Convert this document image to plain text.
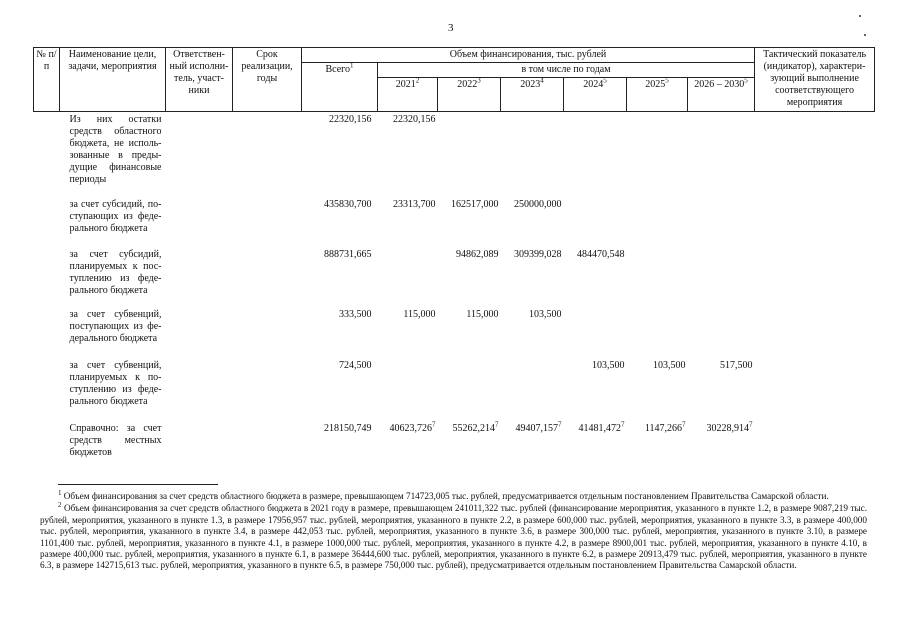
3
№ п/п	Наименование цели, задачи, мероприятия	Ответствен-ный исполни-тель, участ-ники	Срок реализации, годы	Объем финансирования, тыс. рублей							Тактический показатель (индикатор), характери-зующий выполнение соответствующего мероприятия
				Всего$^1$	в том числе по годам						
					2021$^2$	2022$^3$	2023$^4$	2024$^5$	2025$^5$	2026 – 2030$^5$
	Из них остатки средств областного бюджета, не исполь-зованные в преды-дущие финансовые периоды			22320,156	22320,156						
	за счет субсидий, по-ступающих из феде-рального бюджета			435830,700	23313,700	162517,000	250000,000				
	за счет субсидий, планируемых к пос-туплению из феде-рального бюджета			888731,665		94862,089	309399,028	484470,548			
	за счет субвенций, поступающих из фе-дерального бюджета			333,500	115,000	115,000	103,500				
	за счет субвенций, планируемых к по-ступлению из феде-рального бюджета			724,500				103,500	103,500	517,500	
	Справочно: за счет средств местных бюджетов			218150,749	40623,726$^7$	55262,214$^7$	49407,157$^7$	41481,472$^7$	1147,266$^7$	30228,914$^7$	

$^1$ Объем финансирования за счет средств областного бюджета в размере, превышающем 714723,005 тыс. рублей, предусматривается отдельным постановлением Правительства Самарской области.

$^2$ Объем финансирования за счет средств областного бюджета в 2021 году в размере, превышающем 241011,322 тыс. рублей (финансирование мероприятия, указанного в пункте 1.2, в размере 9087,219 тыс. рублей, мероприятия, указанного в пункте 1.3, в размере 17956,957 тыс. рублей, мероприятия, указанного в пункте 2.2, в размере 600,000 тыс. рублей, мероприятия, указанного в пункте 3.3, в размере 400,000 тыс. рублей, мероприятия, указанного в пункте 3.4, в размере 442,053 тыс. рублей, мероприятия, указанного в пункте 3.6, в размере 300,000 тыс. рублей, мероприятия, указанного в пункте 3.10, в размере 1101,400 тыс. рублей, мероприятия, указанного в пункте 4.1, в размере 1000,000 тыс. рублей, мероприятия, указанного в пункте 4.2, в размере 8900,001 тыс. рублей, мероприятия, указанного в пункте 4.10, в размере 400,000 тыс. рублей, мероприятия, указанного в пункте 6.1, в размере 36444,600 тыс. рублей, мероприятия, указанного в пункте 6.2, в размере 20913,479 тыс. рублей, мероприятия, указанного в пункте 6.3, в размере 142715,613 тыс. рублей, мероприятия, указанного в пункте 6.5, в размере 750,000 тыс. рублей), предусматривается отдельным постановлением Правительства Самарской области.
